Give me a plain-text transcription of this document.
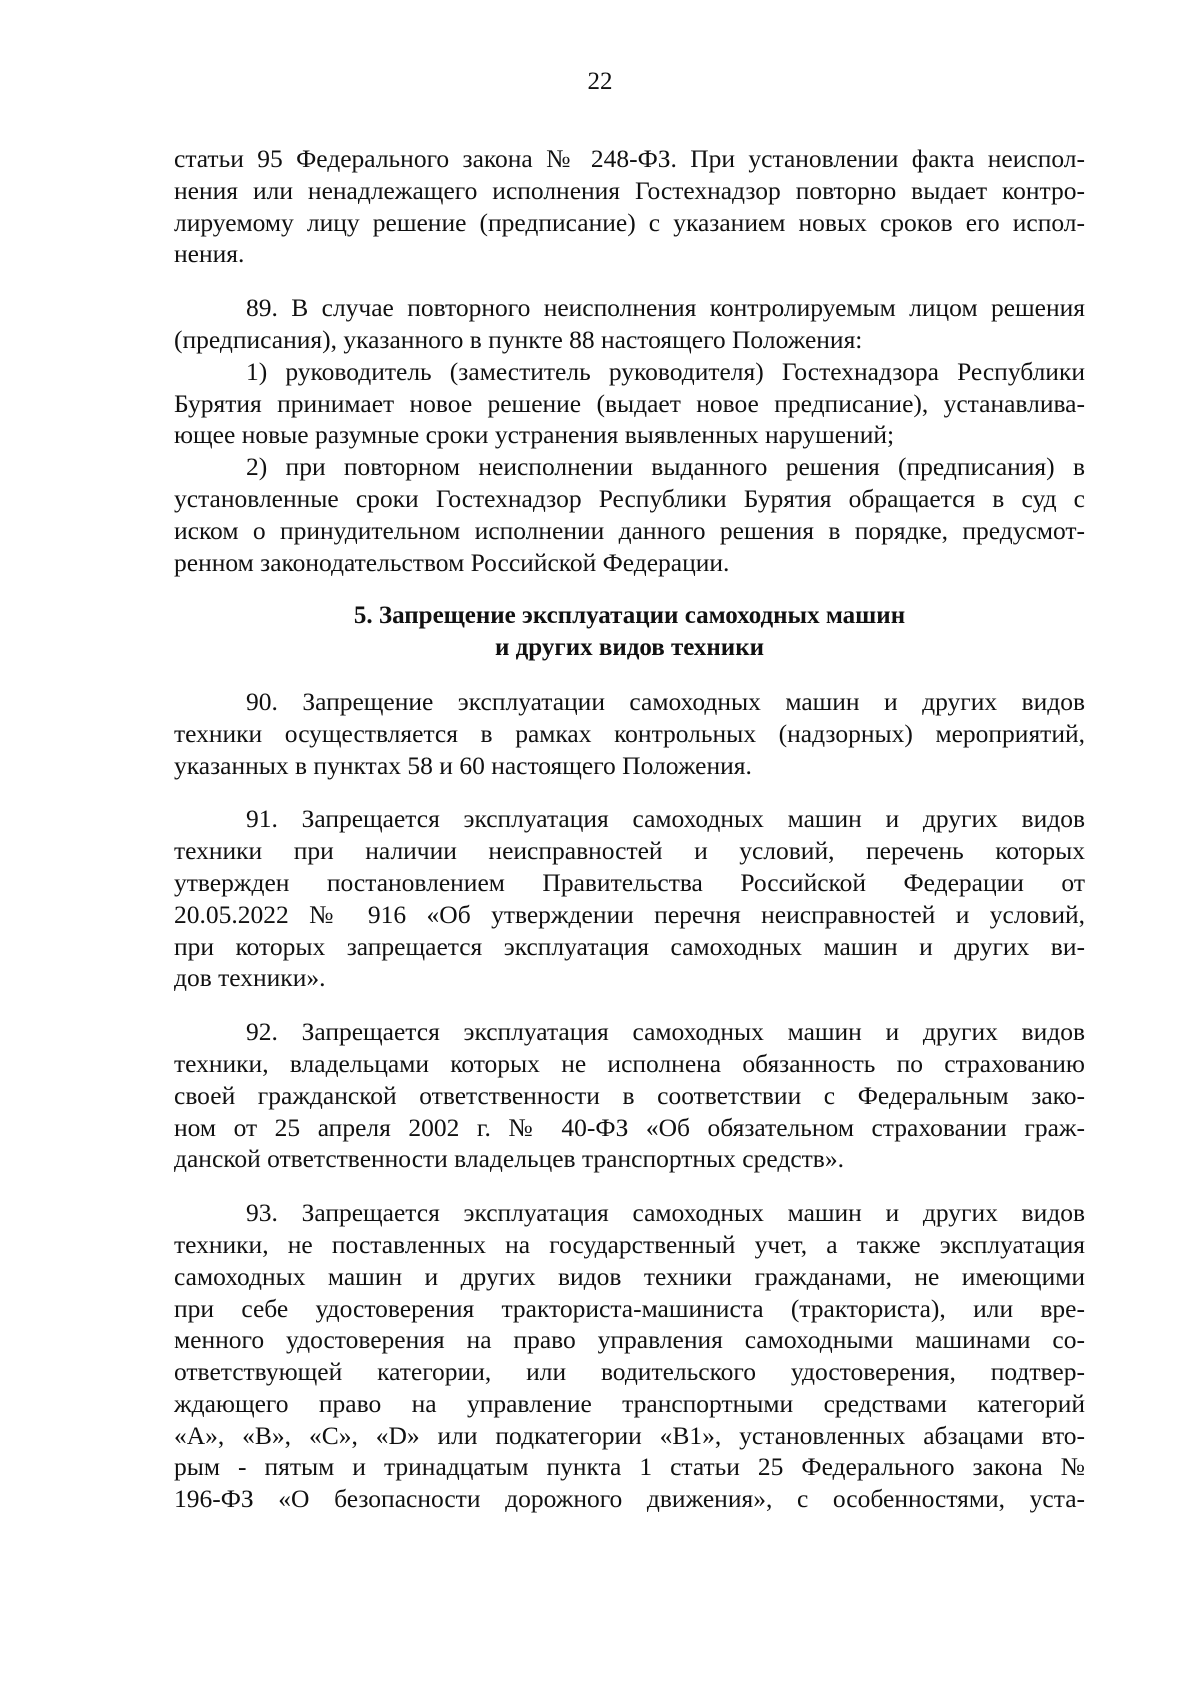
22
статьи 95 Федерального закона № 248-ФЗ. При установлении факта неиспол-
нения или ненадлежащего исполнения Гостехнадзор повторно выдает контро-
лируемому лицу решение (предписание) с указанием новых сроков его испол-
нения.
89. В случае повторного неисполнения контролируемым лицом решения
(предписания), указанного в пункте 88 настоящего Положения:
1) руководитель (заместитель руководителя) Гостехнадзора Республики
Бурятия принимает новое решение (выдает новое предписание), устанавлива-
ющее новые разумные сроки устранения выявленных нарушений;
2) при повторном неисполнении выданного решения (предписания) в
установленные сроки Гостехнадзор Республики Бурятия обращается в суд с
иском о принудительном исполнении данного решения в порядке, предусмот-
ренном законодательством Российской Федерации.
5. Запрещение эксплуатации самоходных машин
и других видов техники
90. Запрещение эксплуатации самоходных машин и других видов
техники осуществляется в рамках контрольных (надзорных) мероприятий,
указанных в пунктах 58 и 60 настоящего Положения.
91. Запрещается эксплуатация самоходных машин и других видов
техники при наличии неисправностей и условий, перечень которых
утвержден постановлением Правительства Российской Федерации от
20.05.2022 № 916 «Об утверждении перечня неисправностей и условий,
при которых запрещается эксплуатация самоходных машин и других ви-
дов техники».
92. Запрещается эксплуатация самоходных машин и других видов
техники, владельцами которых не исполнена обязанность по страхованию
своей гражданской ответственности в соответствии с Федеральным зако-
ном от 25 апреля 2002 г. № 40-ФЗ «Об обязательном страховании граж-
данской ответственности владельцев транспортных средств».
93. Запрещается эксплуатация самоходных машин и других видов
техники, не поставленных на государственный учет, а также эксплуатация
самоходных машин и других видов техники гражданами, не имеющими
при себе удостоверения тракториста-машиниста (тракториста), или вре-
менного удостоверения на право управления самоходными машинами со-
ответствующей категории, или водительского удостоверения, подтвер-
ждающего право на управление транспортными средствами категорий
«А», «В», «С», «D» или подкатегории «В1», установленных абзацами вто-
рым - пятым и тринадцатым пункта 1 статьи 25 Федерального закона №
196-ФЗ «О безопасности дорожного движения», с особенностями, уста-
